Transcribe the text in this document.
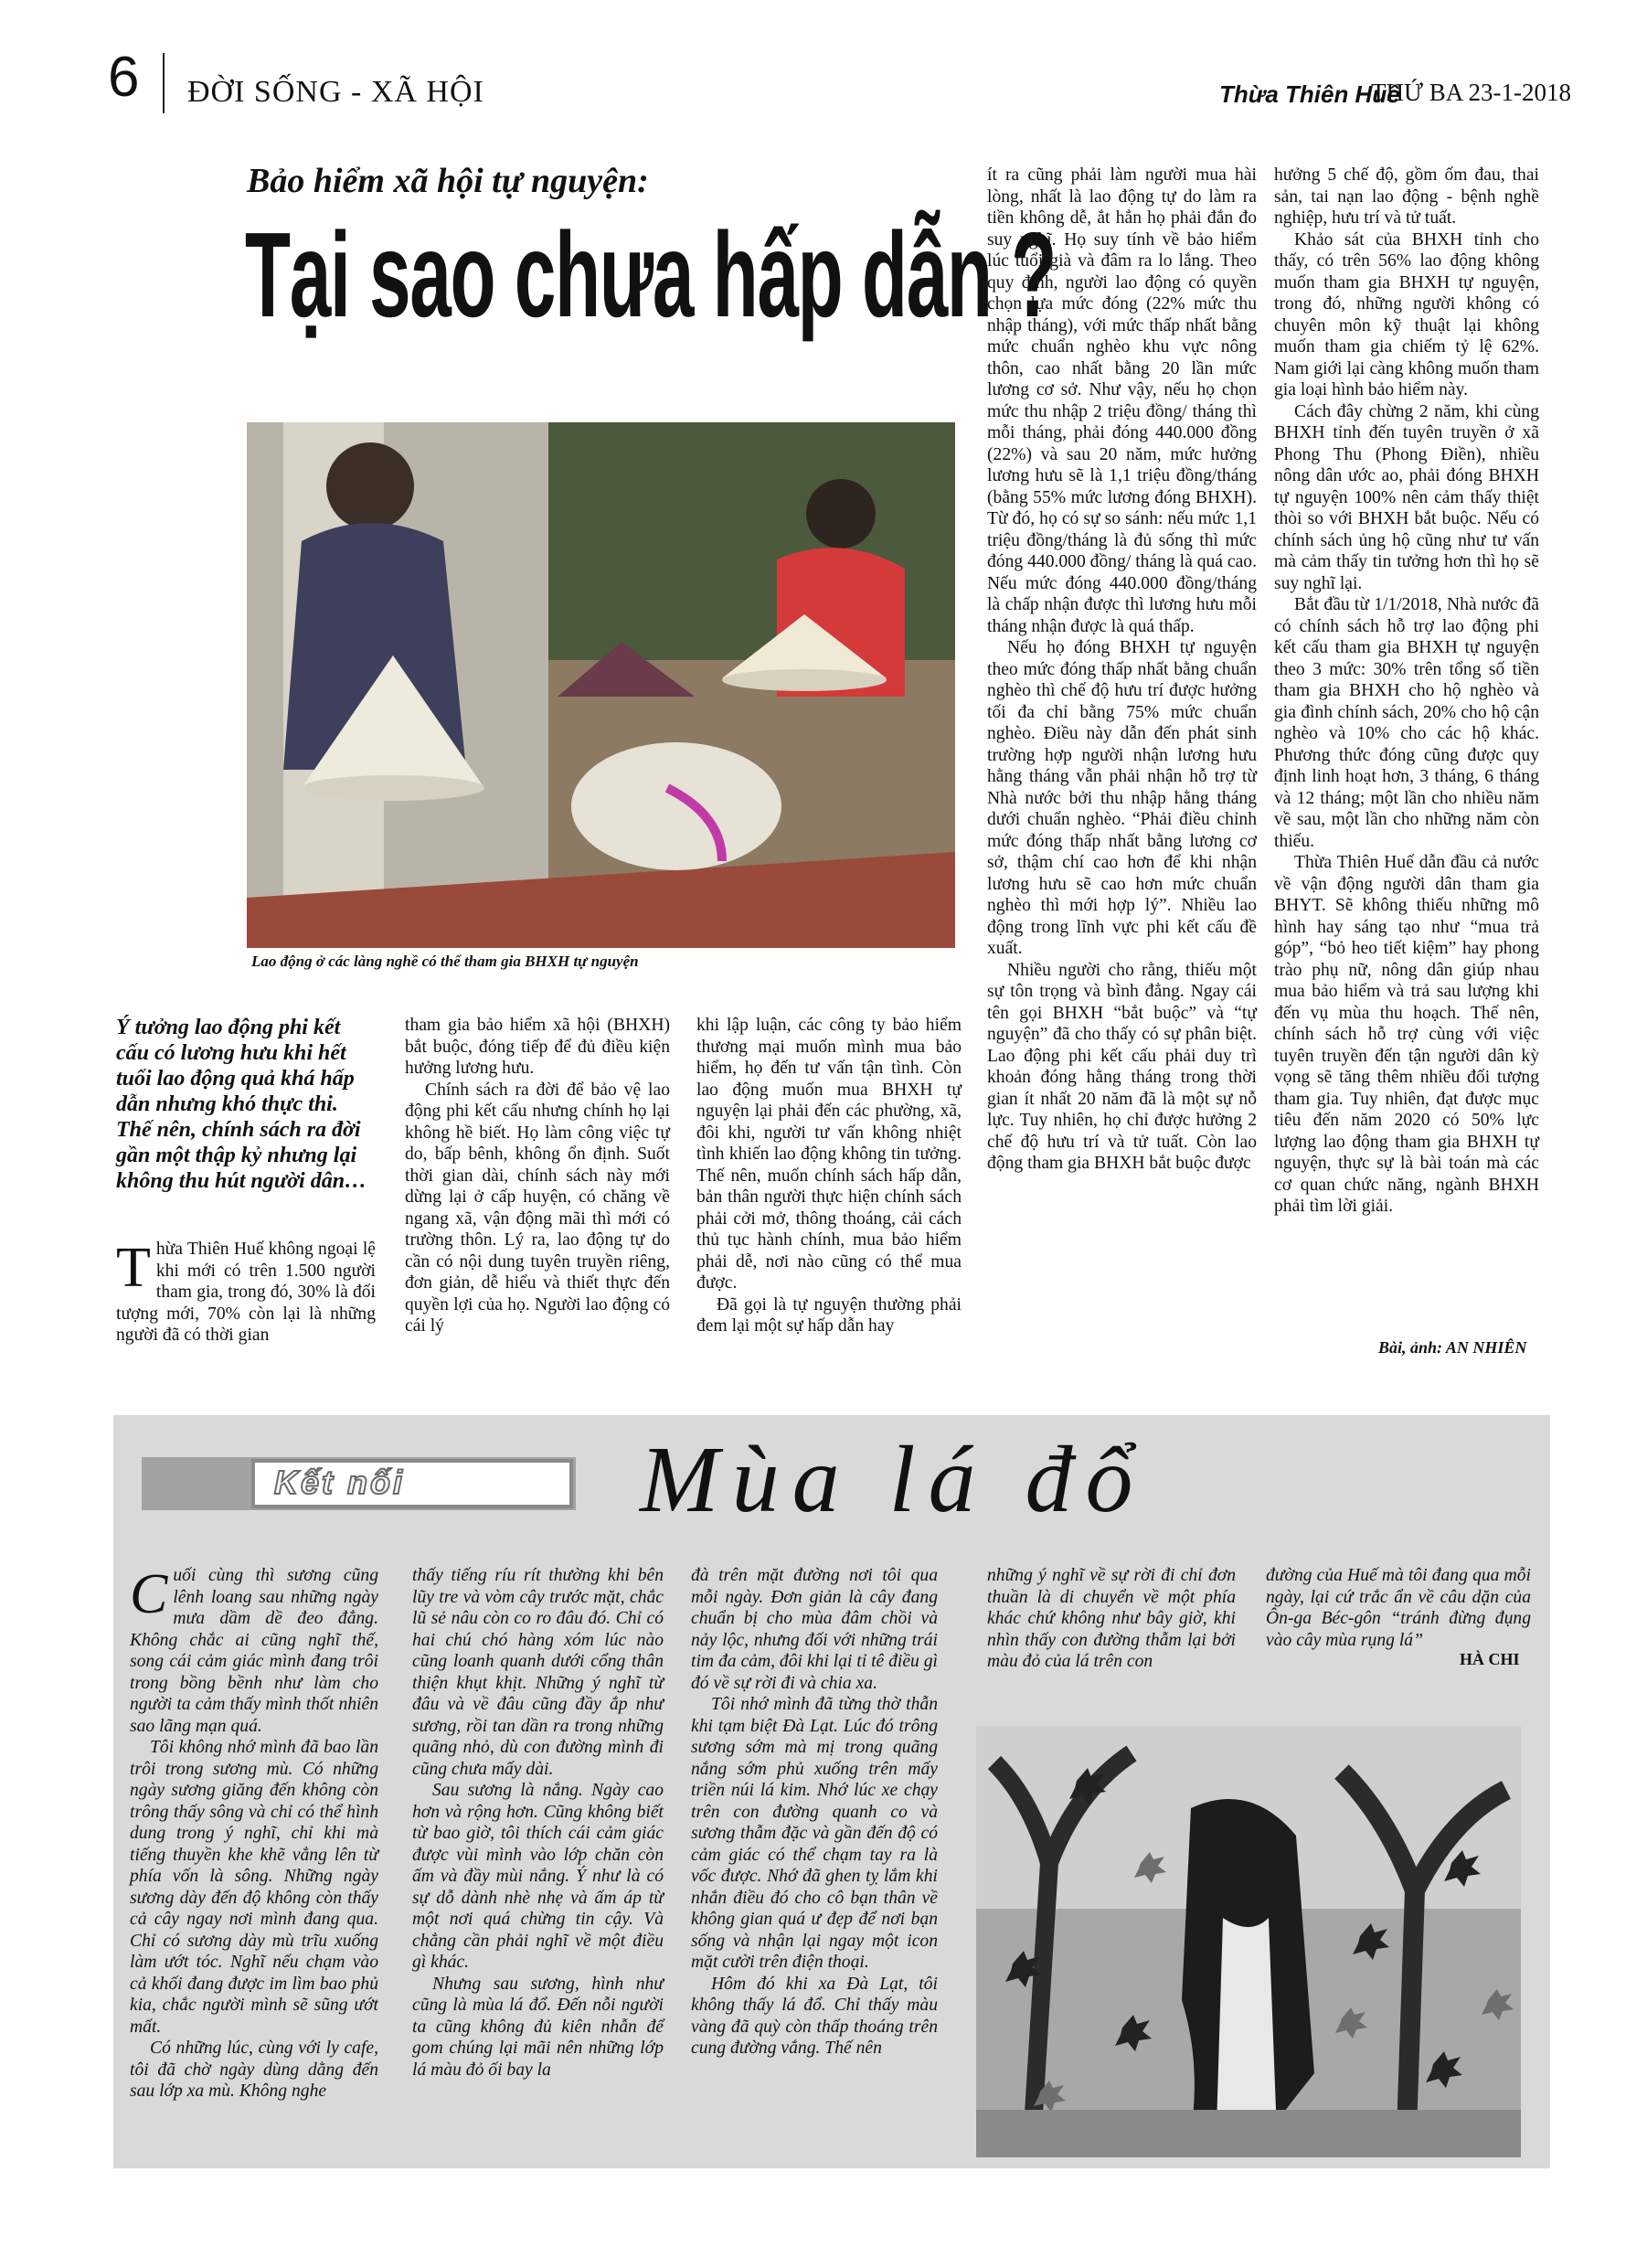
6 ĐỜI SỐNG - XÃ HỘI	Thừa Thiên Huế
THỨ BA 23-1-2018
Bảo hiểm xã hội tự nguyện:
Tại sao chưa hấp dẫn ?
Lao động ở các làng nghề có thể tham gia BHXH tự nguyện
Ý tưởng lao động phi kết cấu có lương hưu khi hết tuổi lao động quả khá hấp dẫn nhưng khó thực thi. Thế nên, chính sách ra đời gần một thập kỷ nhưng lại không thu hút người dân…

Thừa Thiên Huế không ngoại lệ khi mới có trên 1.500 người tham gia, trong đó, 30% là đối tượng mới, 70% còn lại là những người đã có thời gian

tham gia bảo hiểm xã hội (BHXH) bắt buộc, đóng tiếp để đủ điều kiện hưởng lương hưu.

Chính sách ra đời để bảo vệ lao động phi kết cấu nhưng chính họ lại không hề biết. Họ làm công việc tự do, bấp bênh, không ổn định. Suốt thời gian dài, chính sách này mới dừng lại ở cấp huyện, có chăng về ngang xã, vận động mãi thì mới có trường thôn. Lý ra, lao động tự do cần có nội dung tuyên truyền riêng, đơn giản, dễ hiểu và thiết thực đến quyền lợi của họ. Người lao động có cái lý

khi lập luận, các công ty bảo hiểm thương mại muốn mình mua bảo hiểm, họ đến tư vấn tận tình. Còn lao động muốn mua BHXH tự nguyện lại phải đến các phường, xã, đôi khi, người tư vấn không nhiệt tình khiến lao động không tin tưởng. Thế nên, muốn chính sách hấp dẫn, bản thân người thực hiện chính sách phải cởi mở, thông thoáng, cải cách thủ tục hành chính, mua bảo hiểm phải dễ, nơi nào cũng có thể mua được.

Đã gọi là tự nguyện thường phải đem lại một sự hấp dẫn hay

ít ra cũng phải làm người mua hài lòng, nhất là lao động tự do làm ra tiền không dễ, ắt hẳn họ phải đắn đo suy nghĩ. Họ suy tính về bảo hiểm lúc tuổi già và đâm ra lo lắng. Theo quy định, người lao động có quyền chọn lựa mức đóng (22% mức thu nhập tháng), với mức thấp nhất bằng mức chuẩn nghèo khu vực nông thôn, cao nhất bằng 20 lần mức lương cơ sở. Như vậy, nếu họ chọn mức thu nhập 2 triệu đồng/ tháng thì mỗi tháng, phải đóng 440.000 đồng (22%) và sau 20 năm, mức hưởng lương hưu sẽ là 1,1 triệu đồng/tháng (bằng 55% mức lương đóng BHXH). Từ đó, họ có sự so sánh: nếu mức 1,1 triệu đồng/tháng là đủ sống thì mức đóng 440.000 đồng/ tháng là quá cao. Nếu mức đóng 440.000 đồng/tháng là chấp nhận được thì lương hưu mỗi tháng nhận được là quá thấp.

Nếu họ đóng BHXH tự nguyện theo mức đóng thấp nhất bằng chuẩn nghèo thì chế độ hưu trí được hưởng tối đa chỉ bằng 75% mức chuẩn nghèo. Điều này dẫn đến phát sinh trường hợp người nhận lương hưu hằng tháng vẫn phải nhận hỗ trợ từ Nhà nước bởi thu nhập hằng tháng dưới chuẩn nghèo. “Phải điều chỉnh mức đóng thấp nhất bằng lương cơ sở, thậm chí cao hơn để khi nhận lương hưu sẽ cao hơn mức chuẩn nghèo thì mới hợp lý”. Nhiều lao động trong lĩnh vực phi kết cấu đề xuất.

Nhiều người cho rằng, thiếu một sự tôn trọng và bình đẳng. Ngay cái tên gọi BHXH “bắt buộc” và “tự nguyện” đã cho thấy có sự phân biệt. Lao động phi kết cấu phải duy trì khoản đóng hằng tháng trong thời gian ít nhất 20 năm đã là một sự nỗ lực. Tuy nhiên, họ chỉ được hưởng 2 chế độ hưu trí và tử tuất. Còn lao động tham gia BHXH bắt buộc được

hưởng 5 chế độ, gồm ốm đau, thai sản, tai nạn lao động - bệnh nghề nghiệp, hưu trí và tử tuất.

Khảo sát của BHXH tỉnh cho thấy, có trên 56% lao động không muốn tham gia BHXH tự nguyện, trong đó, những người không có chuyên môn kỹ thuật lại không muốn tham gia chiếm tỷ lệ 62%. Nam giới lại càng không muốn tham gia loại hình bảo hiểm này.

Cách đây chừng 2 năm, khi cùng BHXH tỉnh đến tuyên truyền ở xã Phong Thu (Phong Điền), nhiều nông dân ước ao, phải đóng BHXH tự nguyện 100% nên cảm thấy thiệt thòi so với BHXH bắt buộc. Nếu có chính sách ủng hộ cũng như tư vấn mà cảm thấy tin tưởng hơn thì họ sẽ suy nghĩ lại.

Bắt đầu từ 1/1/2018, Nhà nước đã có chính sách hỗ trợ lao động phi kết cấu tham gia BHXH tự nguyện theo 3 mức: 30% trên tổng số tiền tham gia BHXH cho hộ nghèo và gia đình chính sách, 20% cho hộ cận nghèo và 10% cho các hộ khác. Phương thức đóng cũng được quy định linh hoạt hơn, 3 tháng, 6 tháng và 12 tháng; một lần cho nhiều năm về sau, một lần cho những năm còn thiếu.

Thừa Thiên Huế dẫn đầu cả nước về vận động người dân tham gia BHYT. Sẽ không thiếu những mô hình hay sáng tạo như “mua trả góp”, “bỏ heo tiết kiệm” hay phong trào phụ nữ, nông dân giúp nhau mua bảo hiểm và trả sau lượng khi đến vụ mùa thu hoạch. Thế nên, chính sách hỗ trợ cùng với việc tuyên truyền đến tận người dân kỳ vọng sẽ tăng thêm nhiều đối tượng tham gia. Tuy nhiên, đạt được mục tiêu đến năm 2020 có 50% lực lượng lao động tham gia BHXH tự nguyện, thực sự là bài toán mà các cơ quan chức năng, ngành BHXH phải tìm lời giải.

Bài, ảnh: AN NHIÊN
Kết nối Mùa lá đổ

Cuối cùng thì sương cũng lênh loang sau những ngày mưa dầm dề đeo đẳng. Không chắc ai cũng nghĩ thế, song cái cảm giác mình đang trôi trong bồng bềnh như làm cho người ta cảm thấy mình thốt nhiên sao lãng mạn quá.

Tôi không nhớ mình đã bao lần trôi trong sương mù. Có những ngày sương giăng đến không còn trông thấy sông và chỉ có thể hình dung trong ý nghĩ, chỉ khi mà tiếng thuyền khe khẽ vẳng lên từ phía vốn là sông. Những ngày sương dày đến độ không còn thấy cả cây ngay nơi mình đang qua. Chỉ có sương dày mù trĩu xuống làm ướt tóc. Nghĩ nếu chạm vào cả khối đang được im lìm bao phủ kia, chắc người mình sẽ sũng ướt mất.

Có những lúc, cùng với ly cafe, tôi đã chờ ngày dùng dằng đến sau lớp xa mù. Không nghe

thấy tiếng ríu rít thường khi bên lũy tre và vòm cây trước mặt, chắc lũ sẻ nâu còn co ro đâu đó. Chỉ có hai chú chó hàng xóm lúc nào cũng loanh quanh dưới cổng thân thiện khụt khịt. Những ý nghĩ từ đâu và về đâu cũng đầy ắp như sương, rồi tan dần ra trong những quãng nhỏ, dù con đường mình đi cũng chưa mấy dài.

Sau sương là nắng. Ngày cao hơn và rộng hơn. Cũng không biết từ bao giờ, tôi thích cái cảm giác được vùi mình vào lớp chăn còn ấm và đầy mùi nắng. Ý như là có sự dỗ dành nhè nhẹ và ấm áp từ một nơi quá chừng tin cậy. Và chẳng cần phải nghĩ về một điều gì khác.

Nhưng sau sương, hình như cũng là mùa lá đổ. Đến nỗi người ta cũng không đủ kiên nhẫn để gom chúng lại mãi nên những lớp lá màu đỏ ối bay la

đà trên mặt đường nơi tôi qua mỗi ngày. Đơn giản là cây đang chuẩn bị cho mùa đâm chồi và nảy lộc, nhưng đối với những trái tim đa cảm, đôi khi lại tỉ tê điều gì đó về sự rời đi và chia xa.

Tôi nhớ mình đã từng thờ thẫn khi tạm biệt Đà Lạt. Lúc đó trông sương sớm mà mị trong quãng nắng sớm phủ xuống trên mấy triền núi lá kim. Nhớ lúc xe chạy trên con đường quanh co và sương thẫm đặc và gần đến độ có cảm giác có thể chạm tay ra là vốc được. Nhớ đã ghen tỵ lắm khi nhắn điều đó cho cô bạn thân về không gian quá ư đẹp để nơi bạn sống và nhận lại ngay một icon mặt cười trên điện thoại.

Hôm đó khi xa Đà Lạt, tôi không thấy lá đổ. Chỉ thấy màu vàng đã quỳ còn thấp thoáng trên cung đường vắng. Thế nên

những ý nghĩ về sự rời đi chỉ đơn thuần là di chuyển về một phía khác chứ không như bây giờ, khi nhìn thấy con đường thẫm lại bởi màu đỏ của lá trên con

đường của Huế mà tôi đang qua mỗi ngày, lại cứ trắc ẩn về câu dặn của Ôn-ga Béc-gôn “tránh đừng đụng vào cây mùa rụng lá”

HÀ CHI
